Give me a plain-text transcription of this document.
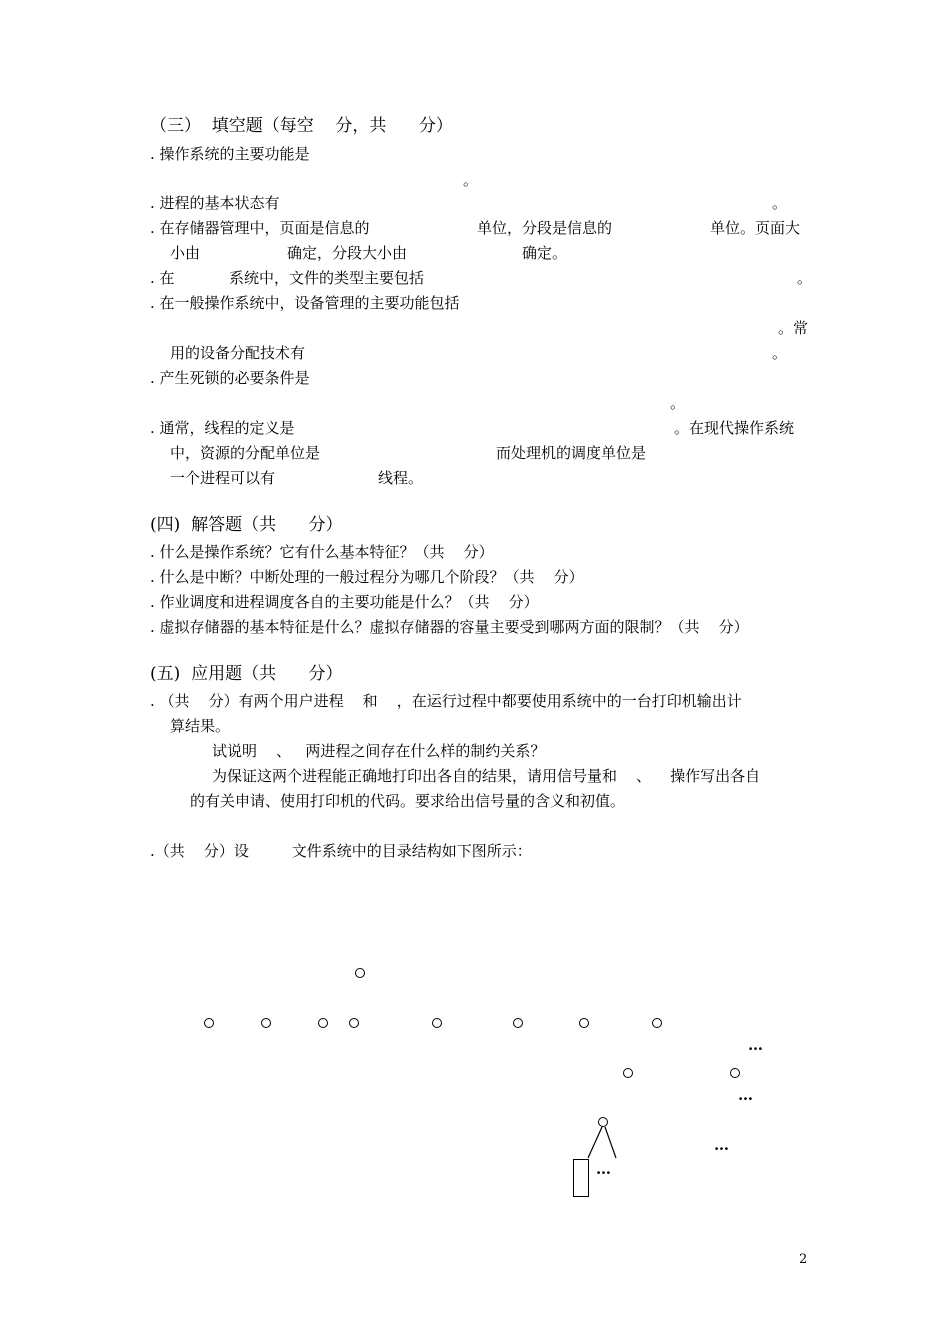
（三）  填空题（每空    分，共      分）
. 操作系统的主要功能是
。
. 进程的基本状态有	。
. 在存储器管理中，页面是信息的	单位，分段是信息的	单位。页面大
小由	确定，分段大小由	确定。
. 在	系统中，文件的类型主要包括	。
. 在一般操作系统中，设备管理的主要功能包括
。常
用的设备分配技术有	。
. 产生死锁的必要条件是
。
. 通常，线程的定义是	。在现代操作系统
中，资源的分配单位是	而处理机的调度单位是
一个进程可以有	线程。
(四)  解答题（共      分）
. 什么是操作系统？它有什么基本特征？（共    分）
. 什么是中断？中断处理的一般过程分为哪几个阶段？（共    分）
. 作业调度和进程调度各自的主要功能是什么？（共    分）
. 虚拟存储器的基本特征是什么？虚拟存储器的容量主要受到哪两方面的限制？（共    分）
(五)  应用题（共      分）
. （共    分）有两个用户进程    和    ，在运行过程中都要使用系统中的一台打印机输出计
算结果。
试说明    、   两进程之间存在什么样的制约关系？
为保证这两个进程能正确地打印出各自的结果，请用信号量和    、    操作写出各自
的有关申请、使用打印机的代码。要求给出信号量的含义和初值。
.（共    分）设         文件系统中的目录结构如下图所示：
…
…
…
…
2
